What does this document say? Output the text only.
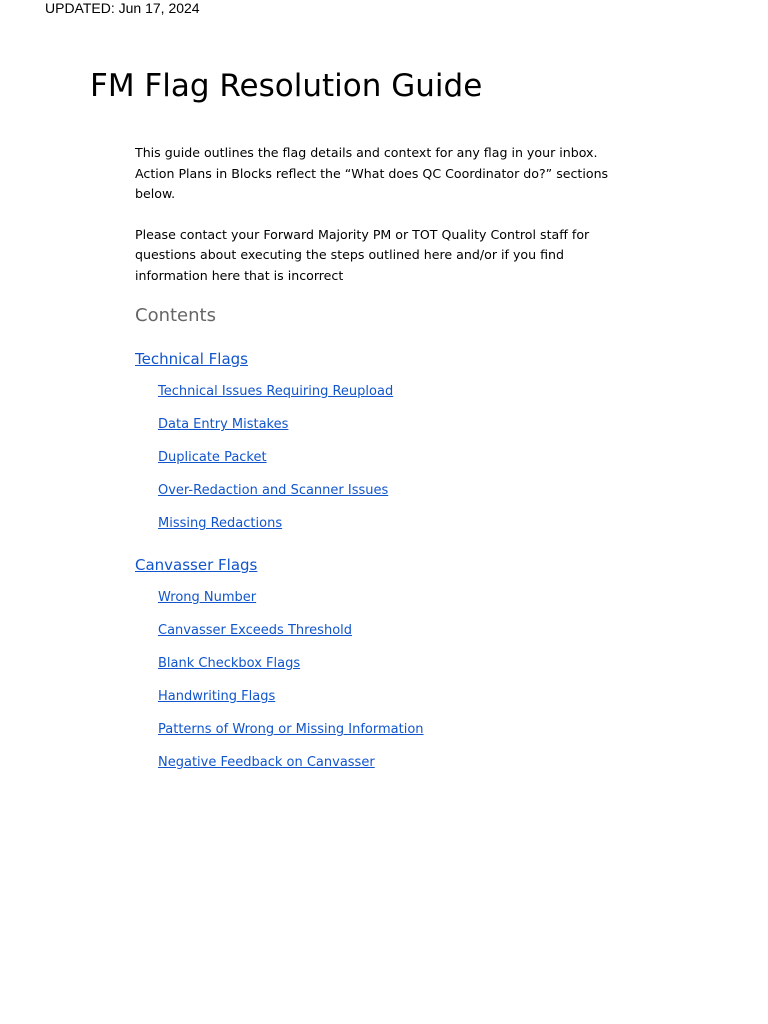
UPDATED: Jun 17, 2024
FM Flag Resolution Guide

This guide outlines the flag details and context for any flag in your inbox. Action Plans in Blocks reflect the “What does QC Coordinator do?” sections below.

Please contact your Forward Majority PM or TOT Quality Control staff for questions about executing the steps outlined here and/or if you find information here that is incorrect

Contents
Technical Flags
Technical Issues Requiring Reupload
Data Entry Mistakes
Duplicate Packet
Over-Redaction and Scanner Issues
Missing Redactions
Canvasser Flags
Wrong Number
Canvasser Exceeds Threshold
Blank Checkbox Flags
Handwriting Flags
Patterns of Wrong or Missing Information
Negative Feedback on Canvasser
